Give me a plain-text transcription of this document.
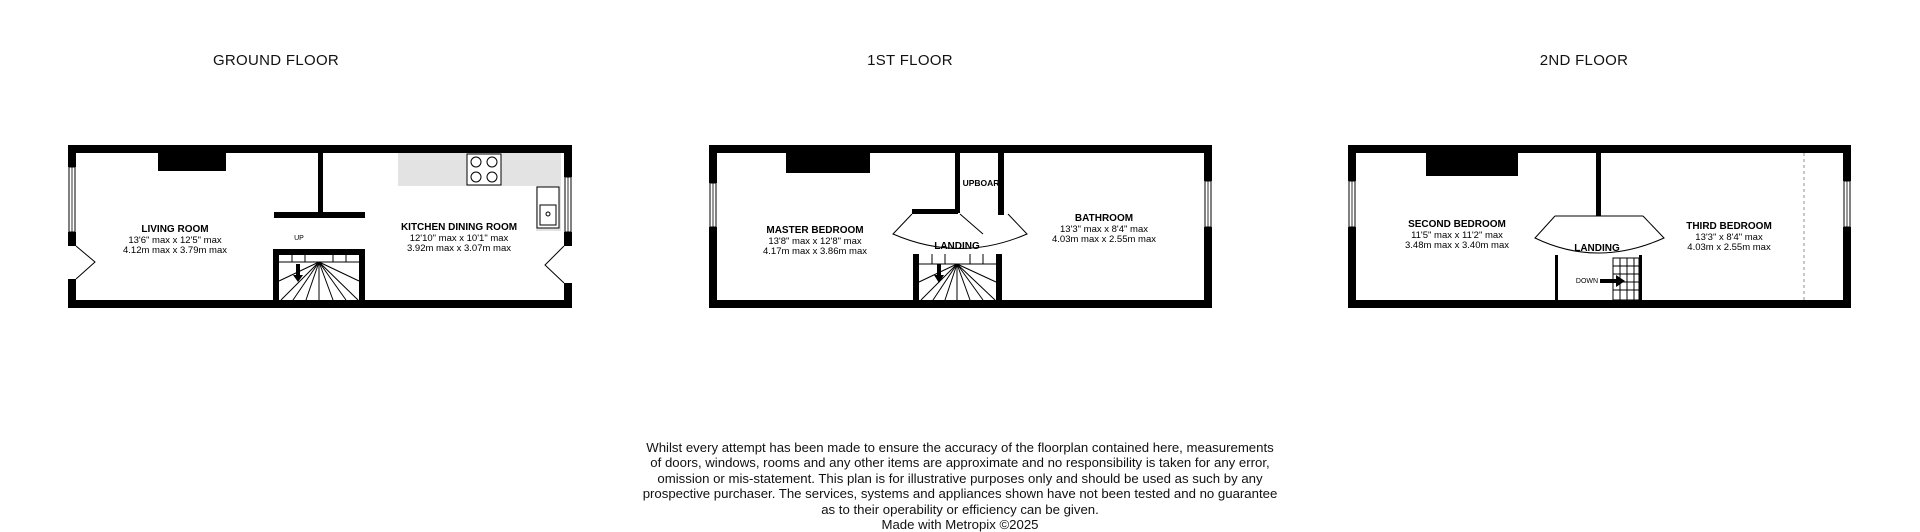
GROUND FLOOR	1ST FLOOR	2ND FLOOR
UP
LIVING ROOM
13'6" max x 12'5" max
4.12m max x 3.79m max
KITCHEN DINING ROOM
12'10" max x 10'1" max
3.92m max x 3.07m max
MASTER BEDROOM
13'8" max x 12'8" max
4.17m max x 3.86m max
BATHROOM
13'3" max x 8'4" max
4.03m max x 2.55m max
UPBOAR
LANDING
DOWN
SECOND BEDROOM
11'5" max x 11'2" max
3.48m max x 3.40m max
THIRD BEDROOM
13'3" x 8'4" max
4.03m x 2.55m max
LANDING
Whilst every attempt has been made to ensure the accuracy of the floorplan contained here, measurements
of doors, windows, rooms and any other items are approximate and no responsibility is taken for any error,
omission or mis-statement. This plan is for illustrative purposes only and should be used as such by any
prospective purchaser. The services, systems and appliances shown have not been tested and no guarantee
as to their operability or efficiency can be given.
Made with Metropix ©2025
